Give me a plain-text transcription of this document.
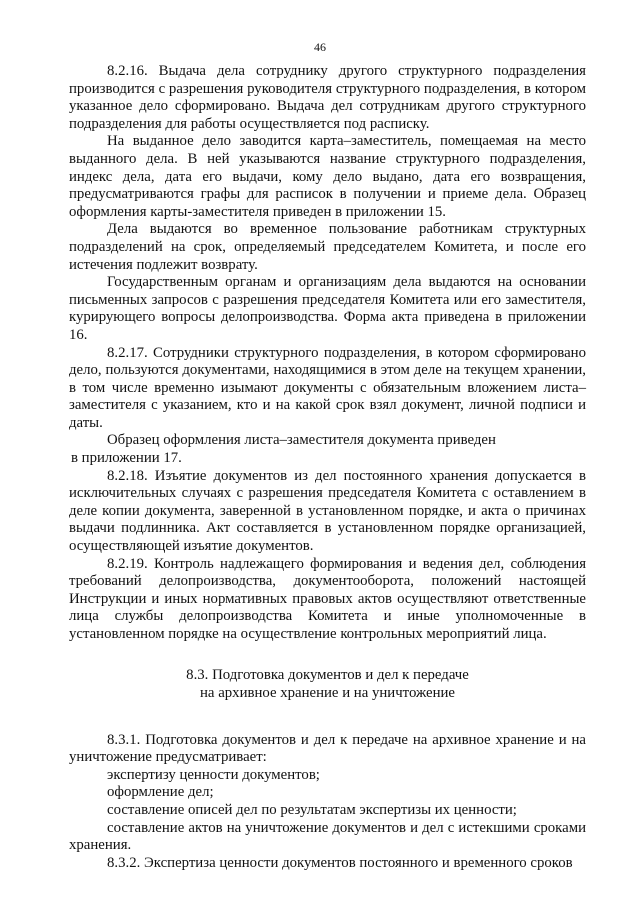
46

8.2.16. Выдача дела сотруднику другого структурного подразделения производится с разрешения руководителя структурного подразделения, в котором указанное дело сформировано. Выдача дел сотрудникам другого структурного подразделения для работы осуществляется под расписку.

На выданное дело заводится карта–заместитель, помещаемая на место выданного дела. В ней указываются название структурного подразделения, индекс дела, дата его выдачи, кому дело выдано, дата его возвращения, предусматриваются графы для расписок в получении и приеме дела. Образец оформления карты-заместителя приведен в приложении 15.

Дела выдаются во временное пользование работникам структурных подразделений на срок, определяемый председателем Комитета, и после его истечения подлежит возврату.

Государственным органам и организациям дела выдаются на основании письменных запросов с разрешения председателя Комитета или его заместителя, курирующего вопросы делопроизводства. Форма акта приведена в приложении 16.

8.2.17. Сотрудники структурного подразделения, в котором сформировано дело, пользуются документами, находящимися в этом деле на текущем хранении, в том числе временно изымают документы с обязательным вложением листа–заместителя с указанием, кто и на какой срок взял документ, личной подписи и даты.

Образец оформления листа–заместителя документа приведен

в приложении 17.

8.2.18. Изъятие документов из дел постоянного хранения допускается в исключительных случаях с разрешения председателя Комитета с оставлением в деле копии документа, заверенной в установленном порядке, и акта о причинах выдачи подлинника. Акт составляется в установленном порядке организацией, осуществляющей изъятие документов.

8.2.19. Контроль надлежащего формирования и ведения дел, соблюдения требований делопроизводства, документооборота, положений настоящей Инструкции и иных нормативных правовых актов осуществляют ответственные лица службы делопроизводства Комитета и иные уполномоченные в установленном порядке на осуществление контрольных мероприятий лица.

8.3. Подготовка документов и дел к передаче
на архивное хранение и на уничтожение

8.3.1. Подготовка документов и дел к передаче на архивное хранение и на уничтожение предусматривает:

экспертизу ценности документов;

оформление дел;

составление описей дел по результатам экспертизы их ценности;

составление актов на уничтожение документов и дел с истекшими сроками хранения.

8.3.2. Экспертиза ценности документов постоянного и временного сроков
